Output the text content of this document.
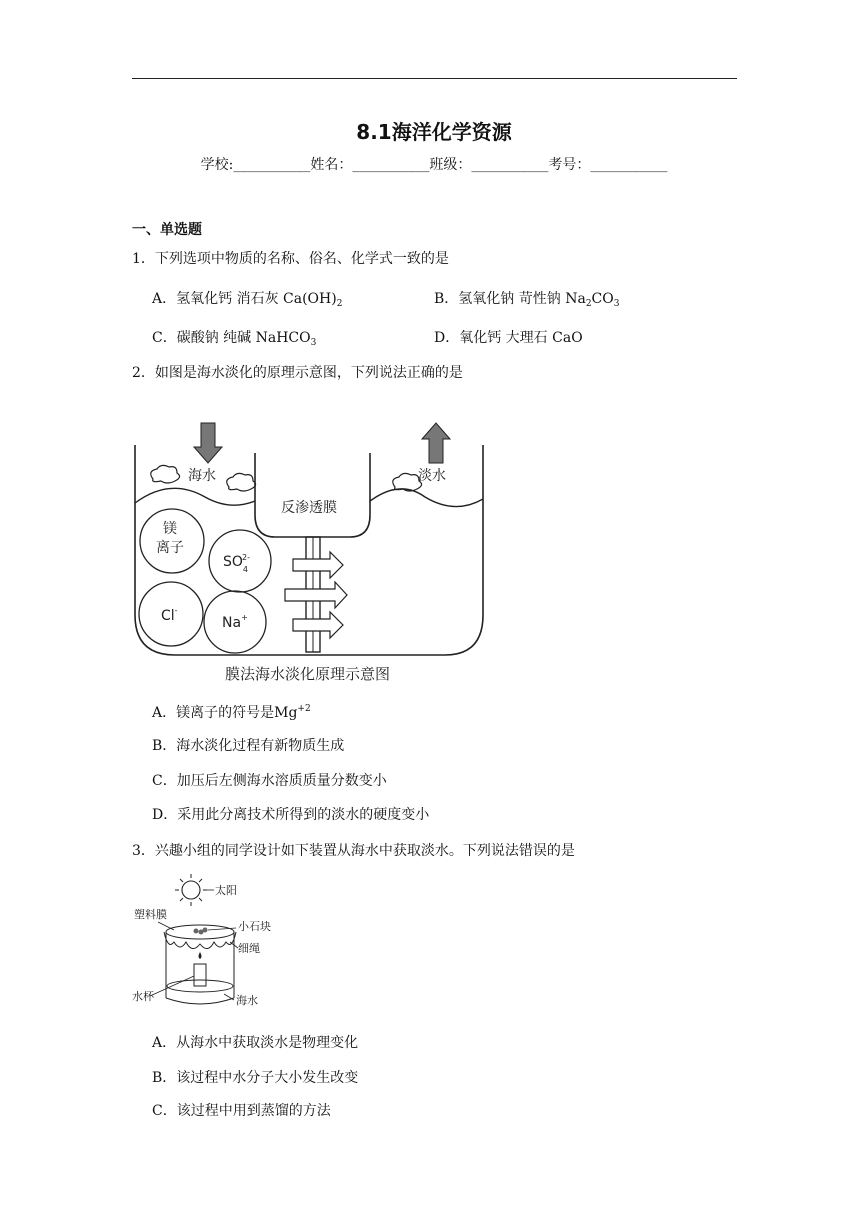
8.1海洋化学资源
学校:___________姓名：___________班级：___________考号：___________
一、单选题
1．下列选项中物质的名称、俗名、化学式一致的是
A．氢氧化钙 消石灰 $Ca(OH)_2$	B．氢氧化钠 苛性钠 $Na_2CO_3$
C．碳酸钠 纯碱 NaHCO$_3$	D．氧化钙 大理石 CaO
2．如图是海水淡化的原理示意图，下列说法正确的是
海水	淡水
反渗透膜
镁
离子
$SO_42-$
Cl-
Na+
膜法海水淡化原理示意图
A．镁离子的符号是$Mg^{+2}$
B．海水淡化过程有新物质生成
C．加压后左侧海水溶质质量分数变小
D．采用此分离技术所得到的淡水的硬度变小
3．兴趣小组的同学设计如下装置从海水中获取淡水。下列说法错误的是
太阳
塑料膜
小石块
细绳
水杯	海水
A．从海水中获取淡水是物理变化
B．该过程中水分子大小发生改变
C．该过程中用到蒸馏的方法
